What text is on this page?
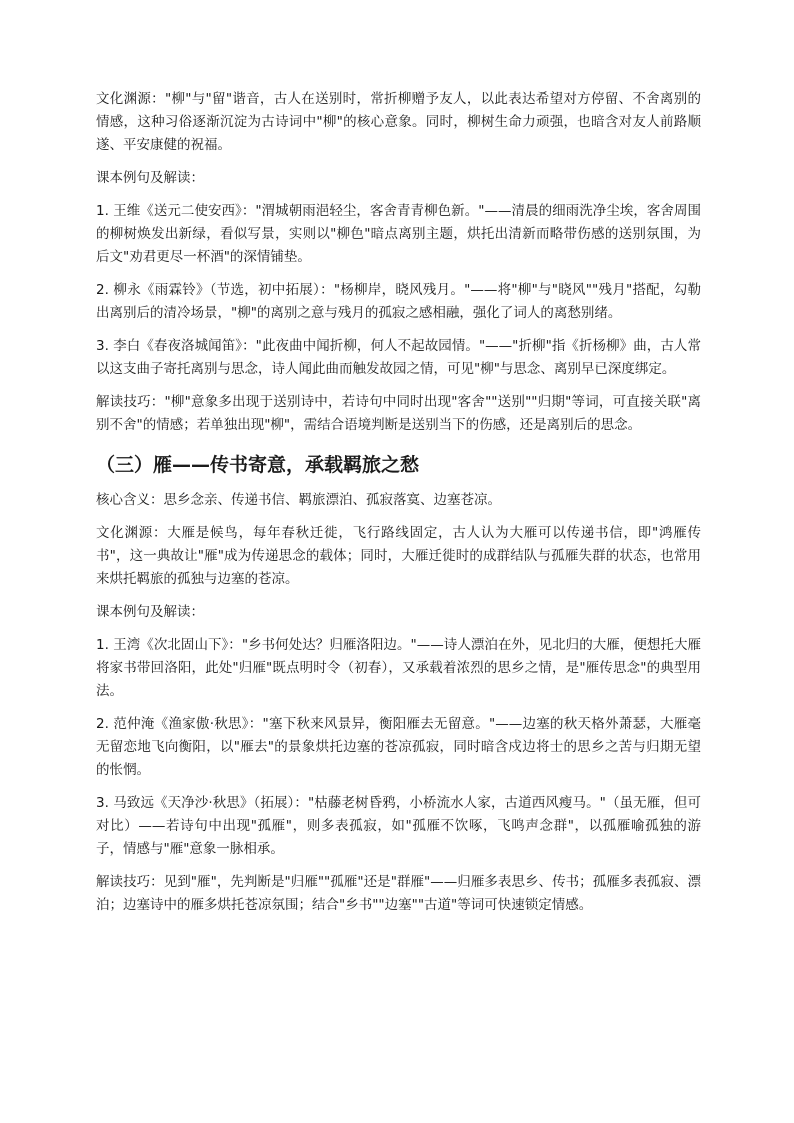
文化渊源："柳"与"留"谐音，古人在送别时，常折柳赠予友人，以此表达希望对方停留、不舍离别的情感，这种习俗逐渐沉淀为古诗词中"柳"的核心意象。同时，柳树生命力顽强，也暗含对友人前路顺遂、平安康健的祝福。

课本例句及解读：

1. 王维《送元二使安西》："渭城朝雨浥轻尘，客舍青青柳色新。"——清晨的细雨洗净尘埃，客舍周围的柳树焕发出新绿，看似写景，实则以"柳色"暗点离别主题，烘托出清新而略带伤感的送别氛围，为后文"劝君更尽一杯酒"的深情铺垫。

2. 柳永《雨霖铃》（节选，初中拓展）："杨柳岸，晓风残月。"——将"柳"与"晓风""残月"搭配，勾勒出离别后的清冷场景，"柳"的离别之意与残月的孤寂之感相融，强化了词人的离愁别绪。

3. 李白《春夜洛城闻笛》："此夜曲中闻折柳，何人不起故园情。"——"折柳"指《折杨柳》曲，古人常以这支曲子寄托离别与思念，诗人闻此曲而触发故园之情，可见"柳"与思念、离别早已深度绑定。

解读技巧："柳"意象多出现于送别诗中，若诗句中同时出现"客舍""送别""归期"等词，可直接关联"离别不舍"的情感；若单独出现"柳"，需结合语境判断是送别当下的伤感，还是离别后的思念。

（三）雁——传书寄意，承载羁旅之愁

核心含义：思乡念亲、传递书信、羁旅漂泊、孤寂落寞、边塞苍凉。

文化渊源：大雁是候鸟，每年春秋迁徙，飞行路线固定，古人认为大雁可以传递书信，即"鸿雁传书"，这一典故让"雁"成为传递思念的载体；同时，大雁迁徙时的成群结队与孤雁失群的状态，也常用来烘托羁旅的孤独与边塞的苍凉。

课本例句及解读：

1. 王湾《次北固山下》："乡书何处达？归雁洛阳边。"——诗人漂泊在外，见北归的大雁，便想托大雁将家书带回洛阳，此处"归雁"既点明时令（初春），又承载着浓烈的思乡之情，是"雁传思念"的典型用法。

2. 范仲淹《渔家傲·秋思》："塞下秋来风景异，衡阳雁去无留意。"——边塞的秋天格外萧瑟，大雁毫无留恋地飞向衡阳，以"雁去"的景象烘托边塞的苍凉孤寂，同时暗含戍边将士的思乡之苦与归期无望的怅惘。

3. 马致远《天净沙·秋思》（拓展）："枯藤老树昏鸦，小桥流水人家，古道西风瘦马。"（虽无雁，但可对比）——若诗句中出现"孤雁"，则多表孤寂，如"孤雁不饮啄，飞鸣声念群"，以孤雁喻孤独的游子，情感与"雁"意象一脉相承。

解读技巧：见到"雁"，先判断是"归雁""孤雁"还是"群雁"——归雁多表思乡、传书；孤雁多表孤寂、漂泊；边塞诗中的雁多烘托苍凉氛围；结合"乡书""边塞""古道"等词可快速锁定情感。
